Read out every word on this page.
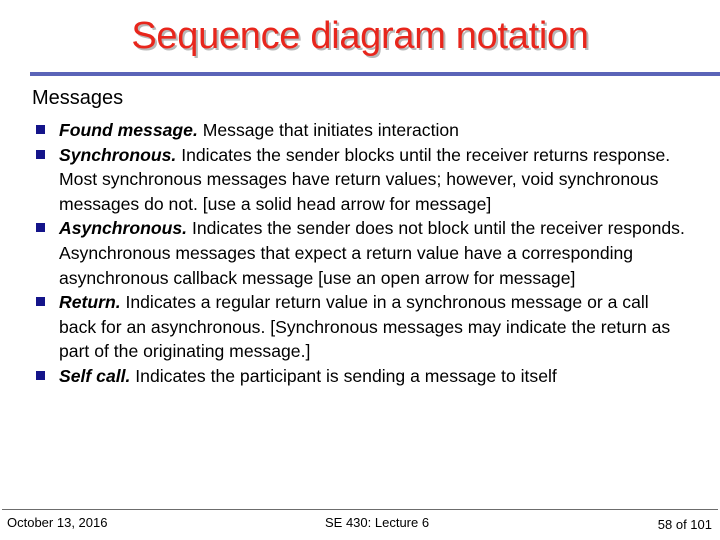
Sequence diagram notation
Messages
Found message. Message that initiates interaction
Synchronous. Indicates the sender blocks until the receiver returns response. Most synchronous messages have return values; however, void synchronous messages do not. [use a solid head arrow for message]
Asynchronous. Indicates the sender does not block until the receiver responds. Asynchronous messages that expect a return value have a corresponding asynchronous callback message [use an open arrow for message]
Return. Indicates a regular return value in a synchronous message or a call back for an asynchronous. [Synchronous messages may indicate the return as part of the originating message.]
Self call. Indicates the participant is sending a message to itself
October 13, 2016	SE 430: Lecture 6	58 of 101
